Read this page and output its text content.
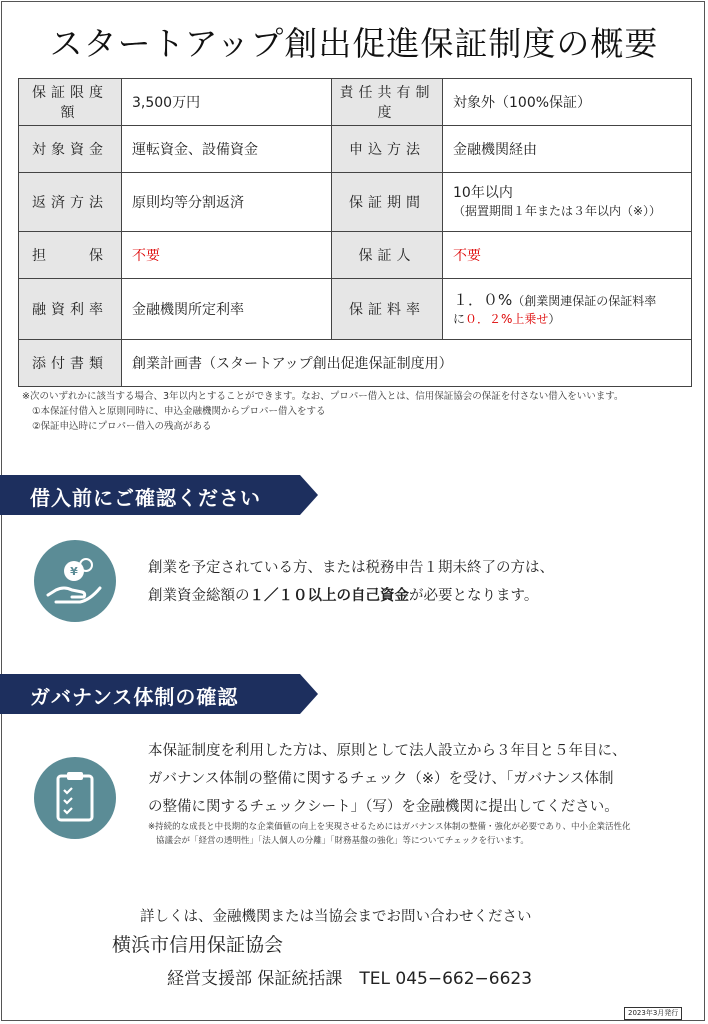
スタートアップ創出促進保証制度の概要
保証限度額	3,500万円	責任共有制度	対象外（100%保証）
対象資金	運転資金、設備資金	申込方法	金融機関経由
返済方法	原則均等分割返済	保証期間	10年以内
（据置期間１年または３年以内（※））

担　　保	不要	保証人	不要
融資利率	金融機関所定利率	保証料率	１．０%（創業関連保証の保証料率
に０．２%上乗せ）

添付書類	創業計画書（スタートアップ創出促進保証制度用）		
※次のいずれかに該当する場合、3年以内とすることができます。なお、プロパー借入とは、信用保証協会の保証を付さない借入をいいます。
①本保証付借入と原則同時に、申込金融機関からプロパー借入をする
②保証申込時にプロパー借入の残高がある
借入前にご確認ください
¥	創業を予定されている方、または税務申告１期未終了の方は、
創業資金総額の１／１０以上の自己資金が必要となります。
ガバナンス体制の確認
本保証制度を利用した方は、原則として法人設立から３年目と５年目に、
ガバナンス体制の整備に関するチェック（※）を受け、「ガバナンス体制
の整備に関するチェックシート」（写）を金融機関に提出してください。
※持続的な成長と中長期的な企業価値の向上を実現させるためにはガバナンス体制の整備・強化が必要であり、中小企業活性化
協議会が「経営の透明性」「法人個人の分離」「財務基盤の強化」等についてチェックを行います。
詳しくは、金融機関または当協会までお問い合わせください
横浜市信用保証協会
経営支援部 保証統括課　TEL 045−662−6623
2023年3月発行
